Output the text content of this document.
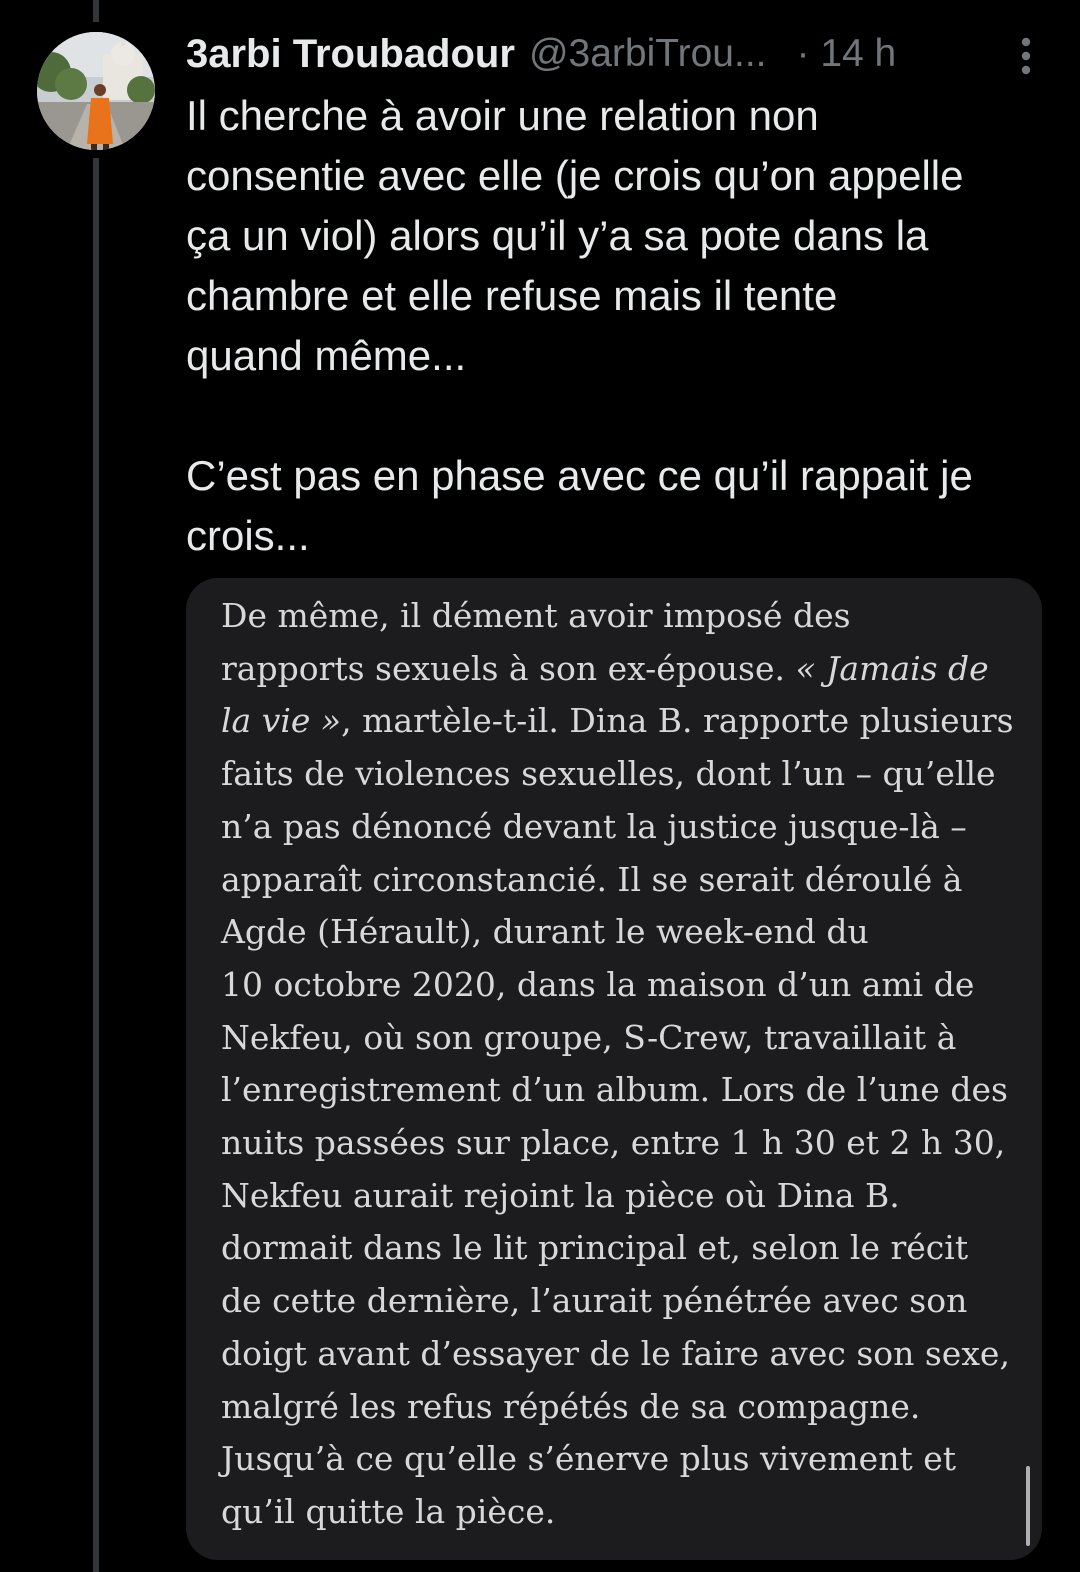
3arbi Troubadour @3arbiTrou... · 14 h

Il cherche à avoir une relation non
consentie avec elle (je crois qu’on appelle
ça un viol) alors qu’il y’a sa pote dans la
chambre et elle refuse mais il tente
quand même...

C’est pas en phase avec ce qu’il rappait je
crois...

De même, il dément avoir imposé des
rapports sexuels à son ex-épouse. « Jamais de
la vie », martèle-t-il. Dina B. rapporte plusieurs
faits de violences sexuelles, dont l’un – qu’elle
n’a pas dénoncé devant la justice jusque-là –
apparaît circonstancié. Il se serait déroulé à
Agde (Hérault), durant le week-end du
10 octobre 2020, dans la maison d’un ami de
Nekfeu, où son groupe, S-Crew, travaillait à
l’enregistrement d’un album. Lors de l’une des
nuits passées sur place, entre 1 h 30 et 2 h 30,
Nekfeu aurait rejoint la pièce où Dina B.
dormait dans le lit principal et, selon le récit
de cette dernière, l’aurait pénétrée avec son
doigt avant d’essayer de le faire avec son sexe,
malgré les refus répétés de sa compagne.
Jusqu’à ce qu’elle s’énerve plus vivement et
qu’il quitte la pièce.
